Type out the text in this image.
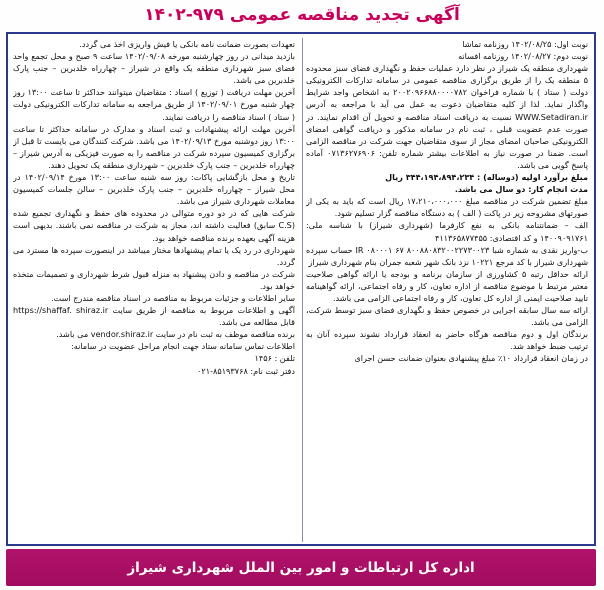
آگهی تجدید مناقصه عمومی ۹۷۹-۱۴۰۲

نوبت اول: ۱۴۰۲/۰۸/۲۵ روزنامه تماشا

نوبت دوم: ۱۴۰۲/۰۸/۲۷ روزنامه افسانه

شهرداری منطقه یک شیراز در نظر دارد عملیات حفظ و نگهداری فضای سبز محدوده ۵ منطقه یک را از طریق برگزاری مناقصه عمومی در سامانه تدارکات الکترونیکی دولت ( ستاد ) با شماره فراخوان ۲۰۰۲۰۹۶۶۸۸۰۰۰۰۷۸۲ به اشخاص واجد شرایط واگذار نماید. لذا از کلیه متقاضیان دعوت به عمل می آید با مراجعه به آدرس WWW.Setadiran.ir نسبت به دریافت اسناد مناقصه و تحویل آن اقدام نمایند. در صورت عدم عضویت قبلی ، ثبت نام در سامانه مذکور و دریافت گواهی امضای الکترونیکی صاحبان امضای مجاز از سوی متقاضیان جهت شرکت در مناقصه الزامی است. ضمنا در صورت نیاز به اطلاعات بیشتر شماره تلفن: ۰۷۱۳۶۲۷۶۹۰۶ آماده پاسخ گویی می باشد.

مبلغ برآورد اولیه (دوساله) : ۳۴۴،۱۹۴،۸۹۴،۲۳۴ ریال

مدت انجام کار: دو سال می باشد.

مبلغ تضمین شرکت در مناقصه مبلغ ۱۷،۲۱۰،۰۰۰،۰۰۰ ریال است که باید به یکی از صورتهای مشروحه زیر در پاکت ( الف ) به دستگاه مناقصه گزار تسلیم شود.

الف – ضمانتنامه بانکی به نفع کارفرما (شهرداری شیراز) با شناسه ملی: ۱۴۰۰۹۰۹۱۷۶۱ و کد اقتصادی: ۴۱۱۳۶۵۸۷۷۴۵۵

ب-واریز نقدی به شماره شبا ۸۰۰۸۸۰۸۳۲۰۰۲۲۷۳۰۰۲۳ ۶۷ IR ۰۸۰۰۰۱ حساب سپرده شهرداری شیراز با کد مرجع ۱۰۲۲۱ نزد بانک شهر شعبه جمران بنام شهرداری شیراز

ارائه حداقل رتبه ۵ کشاورزی از سازمان برنامه و بودجه یا ارائه گواهی صلاحیت معتبر مرتبط با موضوع مناقصه از اداره تعاون، کار و رفاه اجتماعی، ارائه گواهینامه تایید صلاحیت ایمنی از اداره کل تعاون، کار و رفاه اجتماعی الزامی می باشد.

ارائه سه سال سابقه اجرایی در خصوص حفظ و نگهداری فضای سبز توسط شرکت، الزامی می باشد.

برندگان اول و دوم مناقصه هرگاه حاضر به انعقاد قرارداد نشوند سپرده آنان به ترتیب ضبط خواهد شد.

در زمان انعقاد قرارداد ۱۰٪ مبلغ پیشنهادی بعنوان ضمانت حسن اجرای

تعهدات بصورت ضمانت نامه بانکی یا فیش واریزی اخذ می گردد.

بازدید میدانی در روز چهارشنبه مورخه ۱۴۰۲/۰۹/۰۸ ساعت ۹ صبح و محل تجمع واحد فضای سبز شهرداری منطقه یک واقع در شیراز – چهارراه خلدبرین – جنب پارک خلدبرین می باشد.

آخرین مهلت دریافت ( توزیع ) اسناد : متقاضیان میتوانند حداکثر تا ساعت ۱۳:۰۰ روز چهار شنبه مورخ ۱۴۰۲/۰۹/۰۱ از طریق مراجعه به سامانه تدارکات الکترونیکی دولت ( ستاد ) اسناد مناقصه را دریافت نمایند.

آخرین مهلت ارائه پیشنهادات و ثبت اسناد و مدارک در سامانه حداکثر تا ساعت ۱۳:۰۰ روز دوشنبه مورخ ۱۴۰۲/۰۹/۱۳ می باشد. شرکت کنندگان می بایست تا قبل از برگزاری کمیسیون سپرده شرکت در مناقصه را به صورت فیزیکی به آدرس شیراز – چهارراه خلدبرین – جنب پارک خلدبرین – شهرداری منطقه یک تحویل دهند.

تاریخ و محل بازگشایی پاکات: روز سه شنبه ساعت ۱۳:۰۰ مورخ ۱۴۰۲/۰۹/۱۴ در محل شیراز – چهارراه خلدبرین – جنب پارک خلدبرین – سالن جلسات کمیسیون معاملات شهرداری شیراز می باشد.

شرکت هایی که در دو دوره متوالی در محدوده های حفظ و نگهداری تجمیع شده (C.S سابق) فعالیت داشته اند، مجاز به شرکت در مناقصه نمی باشند. بدیهی است هزینه آگهی بعهده برنده مناقصه خواهد بود.

شهرداری در رد یک یا تمام پیشنهادها مختار میباشد در اینصورت سپرده ها مسترد می گردد.

شرکت در مناقصه و دادن پیشنهاد به منزله قبول شرط شهرداری و تصمیمات متخذه خواهد بود.

سایر اطلاعات و جزئیات مربوط به مناقصه در اسناد مناقصه مندرج است.

آگهی و اطلاعات مربوط به مناقصه از طریق سایت https://shaffaf. shiraz.ir قابل مطالعه می باشد.

برنده مناقصه موظف به ثبت نام در سایت vendor.shiraz.ir می باشد.

اطلاعات تماس سامانه ستاد جهت انجام مراحل عضویت در سامانه:

تلفن : ۱۴۵۶

دفتر ثبت نام: ۸۵۱۹۳۷۶۸-۰۲۱

اداره کل ارتباطات و امور بین الملل شهرداری شیراز
